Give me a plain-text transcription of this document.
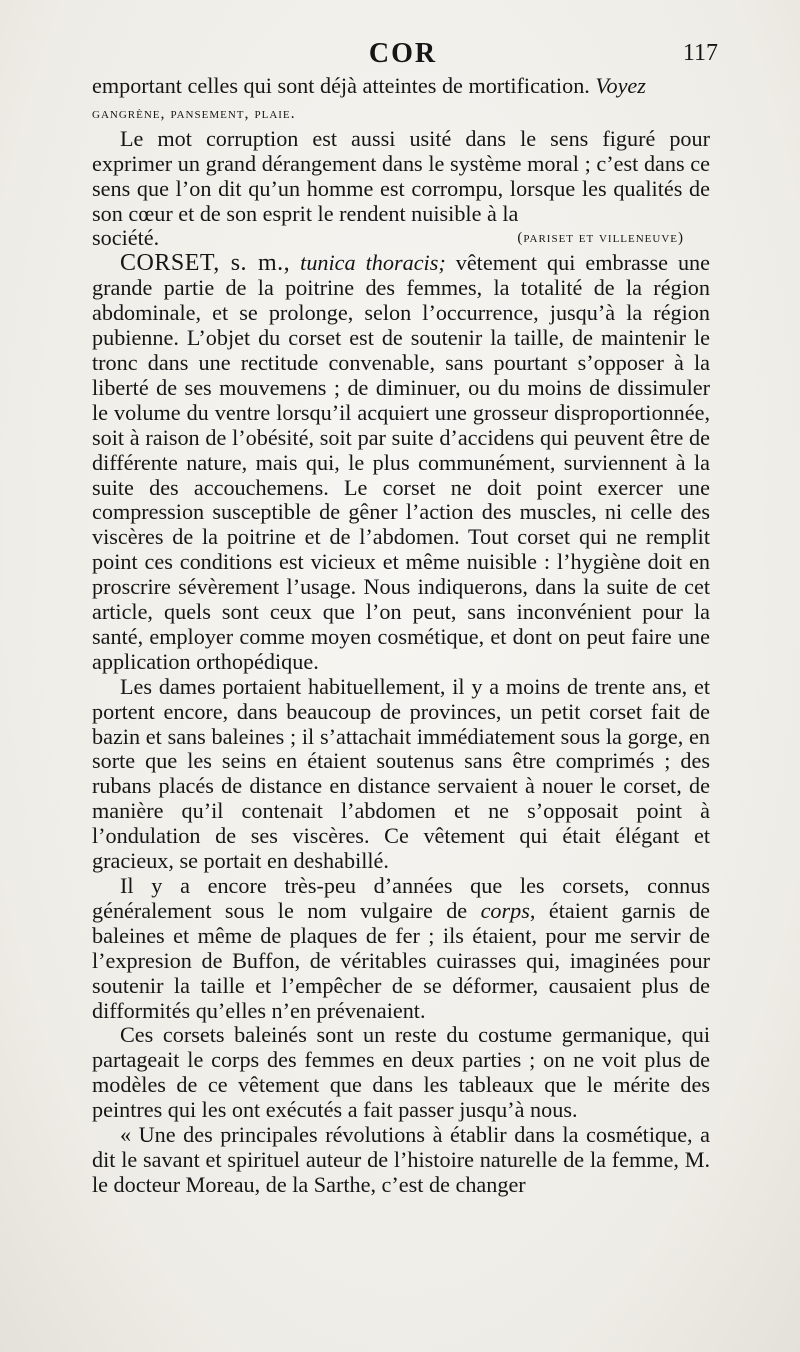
COR	117

emportant celles qui sont déjà atteintes de mortification. Voyez
gangrène, pansement, plaie.

Le mot corruption est aussi usité dans le sens figuré pour exprimer un grand dérangement dans le système moral ; c’est dans ce sens que l’on dit qu’un homme est corrompu, lorsque les qualités de son cœur et de son esprit le rendent nuisible à la

société.	(pariset et villeneuve)

CORSET, s. m., tunica thoracis; vêtement qui embrasse une grande partie de la poitrine des femmes, la totalité de la région abdominale, et se prolonge, selon l’occurrence, jusqu’à la région pubienne. L’objet du corset est de soutenir la taille, de maintenir le tronc dans une rectitude convenable, sans pourtant s’opposer à la liberté de ses mouvemens ; de diminuer, ou du moins de dissimuler le volume du ventre lorsqu’il acquiert une grosseur disproportionnée, soit à raison de l’obésité, soit par suite d’accidens qui peuvent être de différente nature, mais qui, le plus communément, surviennent à la suite des accouchemens. Le corset ne doit point exercer une compression susceptible de gêner l’action des muscles, ni celle des viscères de la poitrine et de l’abdomen. Tout corset qui ne remplit point ces conditions est vicieux et même nuisible : l’hygiène doit en proscrire sévèrement l’usage. Nous indiquerons, dans la suite de cet article, quels sont ceux que l’on peut, sans inconvénient pour la santé, employer comme moyen cosmétique, et dont on peut faire une application orthopédique.

Les dames portaient habituellement, il y a moins de trente ans, et portent encore, dans beaucoup de provinces, un petit corset fait de bazin et sans baleines ; il s’attachait immédiatement sous la gorge, en sorte que les seins en étaient soutenus sans être comprimés ; des rubans placés de distance en distance servaient à nouer le corset, de manière qu’il contenait l’abdomen et ne s’opposait point à l’ondulation de ses viscères. Ce vêtement qui était élégant et gracieux, se portait en deshabillé.

Il y a encore très-peu d’années que les corsets, connus généralement sous le nom vulgaire de corps, étaient garnis de baleines et même de plaques de fer ; ils étaient, pour me servir de l’expresion de Buffon, de véritables cuirasses qui, imaginées pour soutenir la taille et l’empêcher de se déformer, causaient plus de difformités qu’elles n’en prévenaient.

Ces corsets baleinés sont un reste du costume germanique, qui partageait le corps des femmes en deux parties ; on ne voit plus de modèles de ce vêtement que dans les tableaux que le mérite des peintres qui les ont exécutés a fait passer jusqu’à nous.

« Une des principales révolutions à établir dans la cosmétique, a dit le savant et spirituel auteur de l’histoire naturelle de la femme, M. le docteur Moreau, de la Sarthe, c’est de changer
